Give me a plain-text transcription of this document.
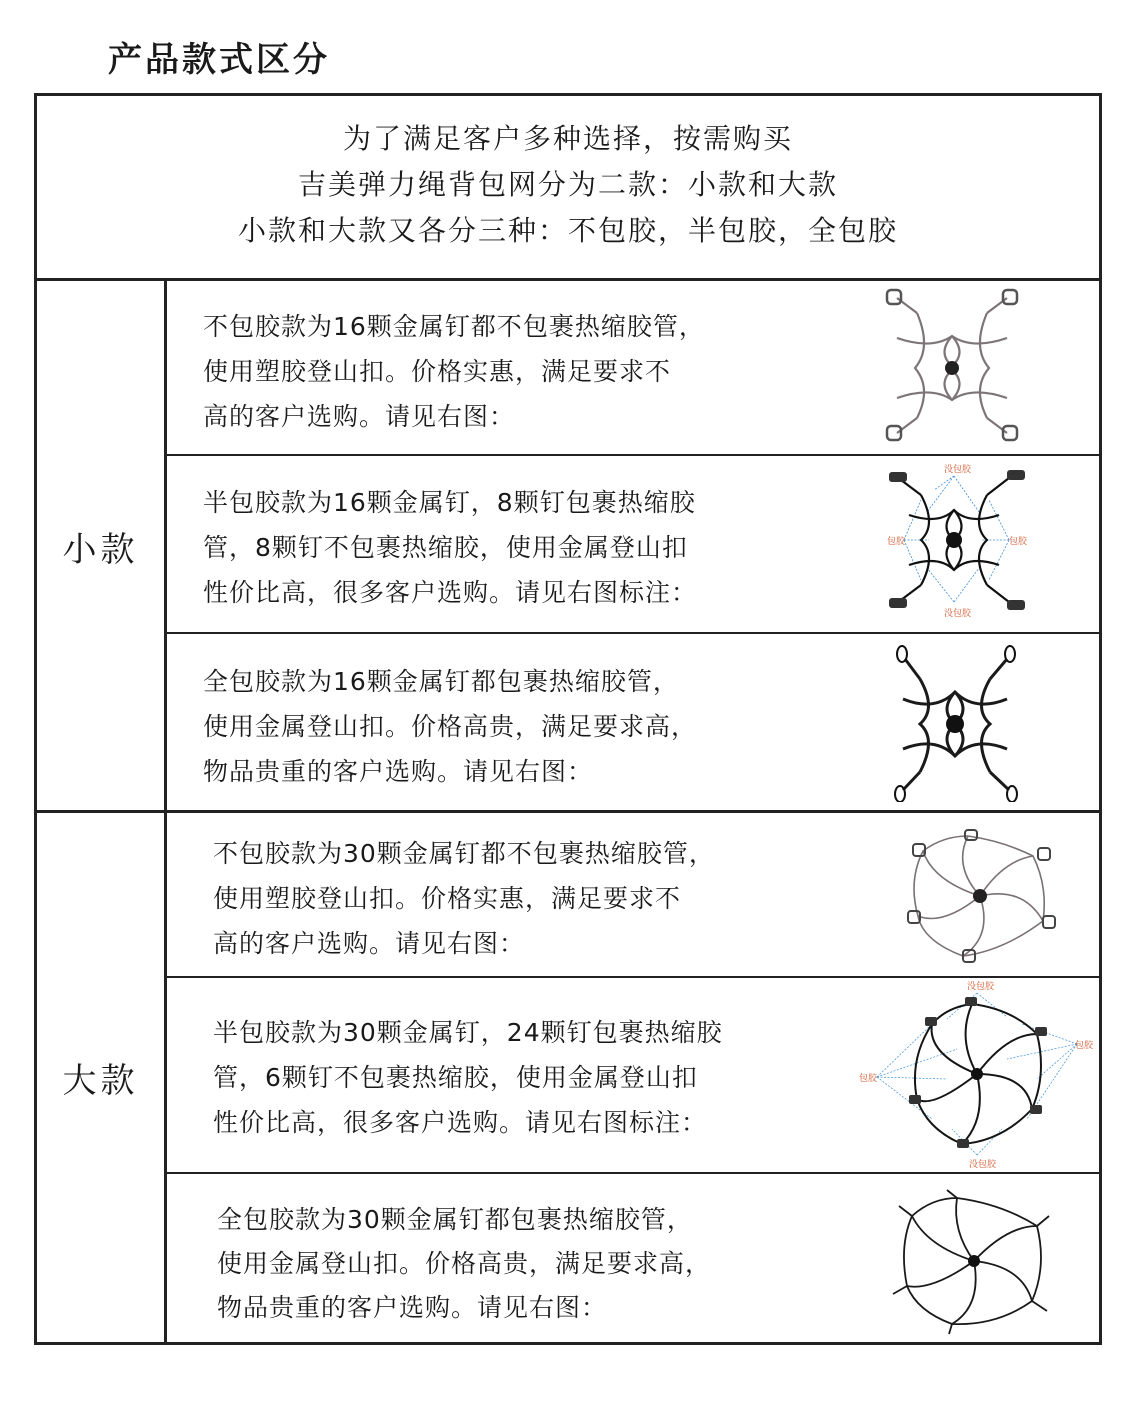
产品款式区分
为了满足客户多种选择，按需购买
吉美弹力绳背包网分为二款：小款和大款
小款和大款又各分三种：不包胶，半包胶，全包胶
小款
大款
不包胶款为16颗金属钉都不包裹热缩胶管，
使用塑胶登山扣。价格实惠，满足要求不
高的客户选购。请见右图：
半包胶款为16颗金属钉，8颗钉包裹热缩胶
管，8颗钉不包裹热缩胶，使用金属登山扣
性价比高，很多客户选购。请见右图标注：
没包胶
没包胶
包胶	包胶
全包胶款为16颗金属钉都包裹热缩胶管，
使用金属登山扣。价格高贵，满足要求高，
物品贵重的客户选购。请见右图：
不包胶款为30颗金属钉都不包裹热缩胶管，
使用塑胶登山扣。价格实惠，满足要求不
高的客户选购。请见右图：
半包胶款为30颗金属钉，24颗钉包裹热缩胶
管，6颗钉不包裹热缩胶，使用金属登山扣
性价比高，很多客户选购。请见右图标注：
没包胶
没包胶
包胶
包胶
全包胶款为30颗金属钉都包裹热缩胶管，
使用金属登山扣。价格高贵，满足要求高，
物品贵重的客户选购。请见右图：
